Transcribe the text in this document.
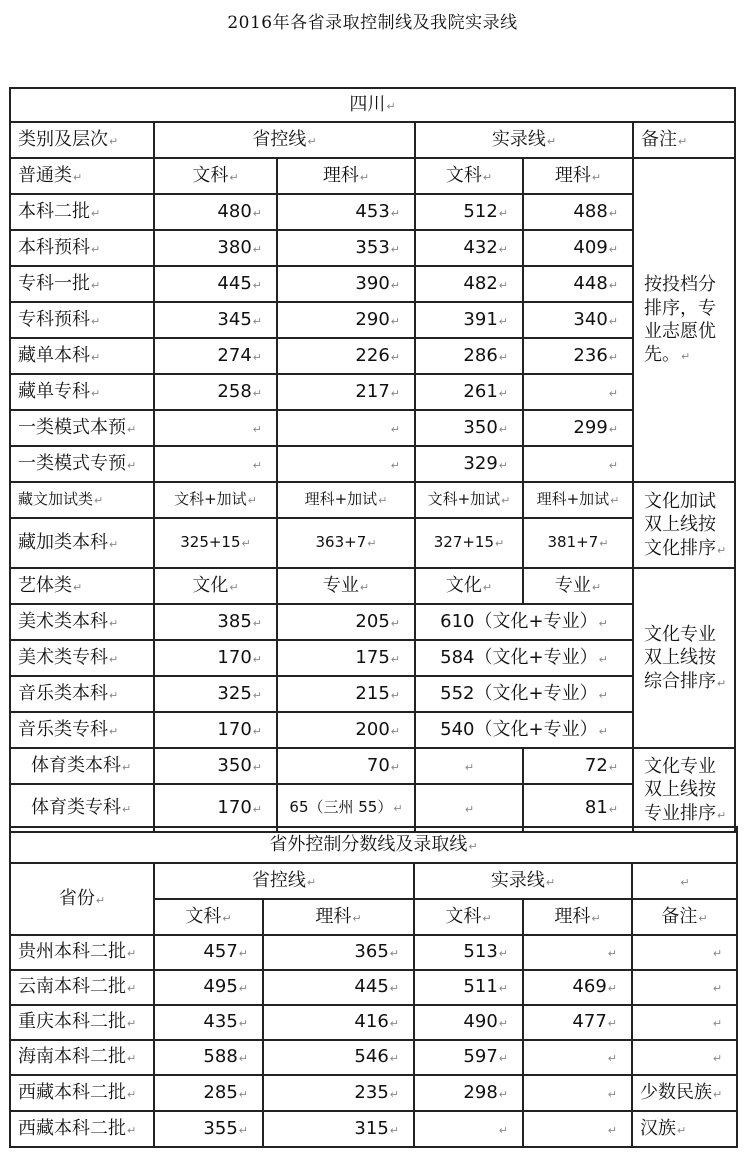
2016年各省录取控制线及我院实录线
四川↵					
类别及层次↵	省控线↵		实录线↵		备注↵
普通类↵	文科↵	理科↵	文科↵	理科↵	按投档分排序，专业志愿优先。↵
本科二批↵	480↵	453↵	512↵	488↵	
本科预科↵	380↵	353↵	432↵	409↵	
专科一批↵	445↵	390↵	482↵	448↵	
专科预科↵	345↵	290↵	391↵	340↵	
藏单本科↵	274↵	226↵	286↵	236↵	
藏单专科↵	258↵	217↵	261↵	↵	
一类模式本预↵	↵	↵	350↵	299↵	
一类模式专预↵	↵	↵	329↵	↵	
藏文加试类↵	文科+加试↵	理科+加试↵	文科+加试↵	理科+加试↵	文化加试双上线按文化排序↵
藏加类本科↵	325+15↵	363+7↵	327+15↵	381+7↵	
艺体类↵	文化↵	专业↵	文化↵	专业↵	文化专业双上线按综合排序↵
美术类本科↵	385↵	205↵	610（文化+专业）↵		
美术类专科↵	170↵	175↵	584（文化+专业）↵		
音乐类本科↵	325↵	215↵	552（文化+专业）↵		
音乐类专科↵	170↵	200↵	540（文化+专业）↵		
体育类本科↵	350↵	70↵	↵	72↵	文化专业双上线按专业排序↵
体育类专科↵	170↵	65（三州 55）↵	↵	81↵	
省外控制分数线及录取线↵					
省份↵	省控线↵		实录线↵		↵
	文科↵	理科↵	文科↵	理科↵	备注↵
贵州本科二批↵	457↵	365↵	513↵	↵	↵
云南本科二批↵	495↵	445↵	511↵	469↵	↵
重庆本科二批↵	435↵	416↵	490↵	477↵	↵
海南本科二批↵	588↵	546↵	597↵	↵	↵
西藏本科二批↵	285↵	235↵	298↵	↵	少数民族↵
西藏本科二批↵	355↵	315↵	↵	↵	汉族↵
